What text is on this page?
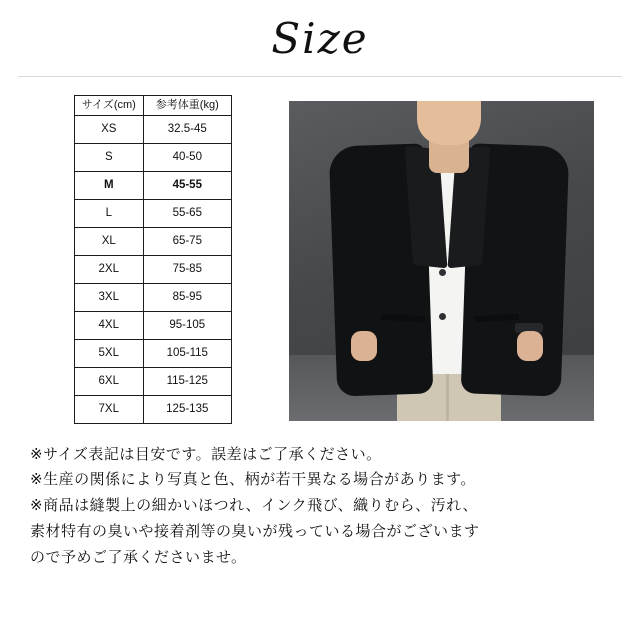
Size
サイズ(cm)	参考体重(kg)
XS	32.5-45
S	40-50
M	45-55
L	55-65
XL	65-75
2XL	75-85
3XL	85-95
4XL	95-105
5XL	105-115
6XL	115-125
7XL	125-135

※サイズ表記は目安です。誤差はご了承ください。

※生産の関係により写真と色、柄が若干異なる場合があります。

※商品は縫製上の細かいほつれ、インク飛び、織りむら、汚れ、

素材特有の臭いや接着剤等の臭いが残っている場合がございます

ので予めご了承くださいませ。
